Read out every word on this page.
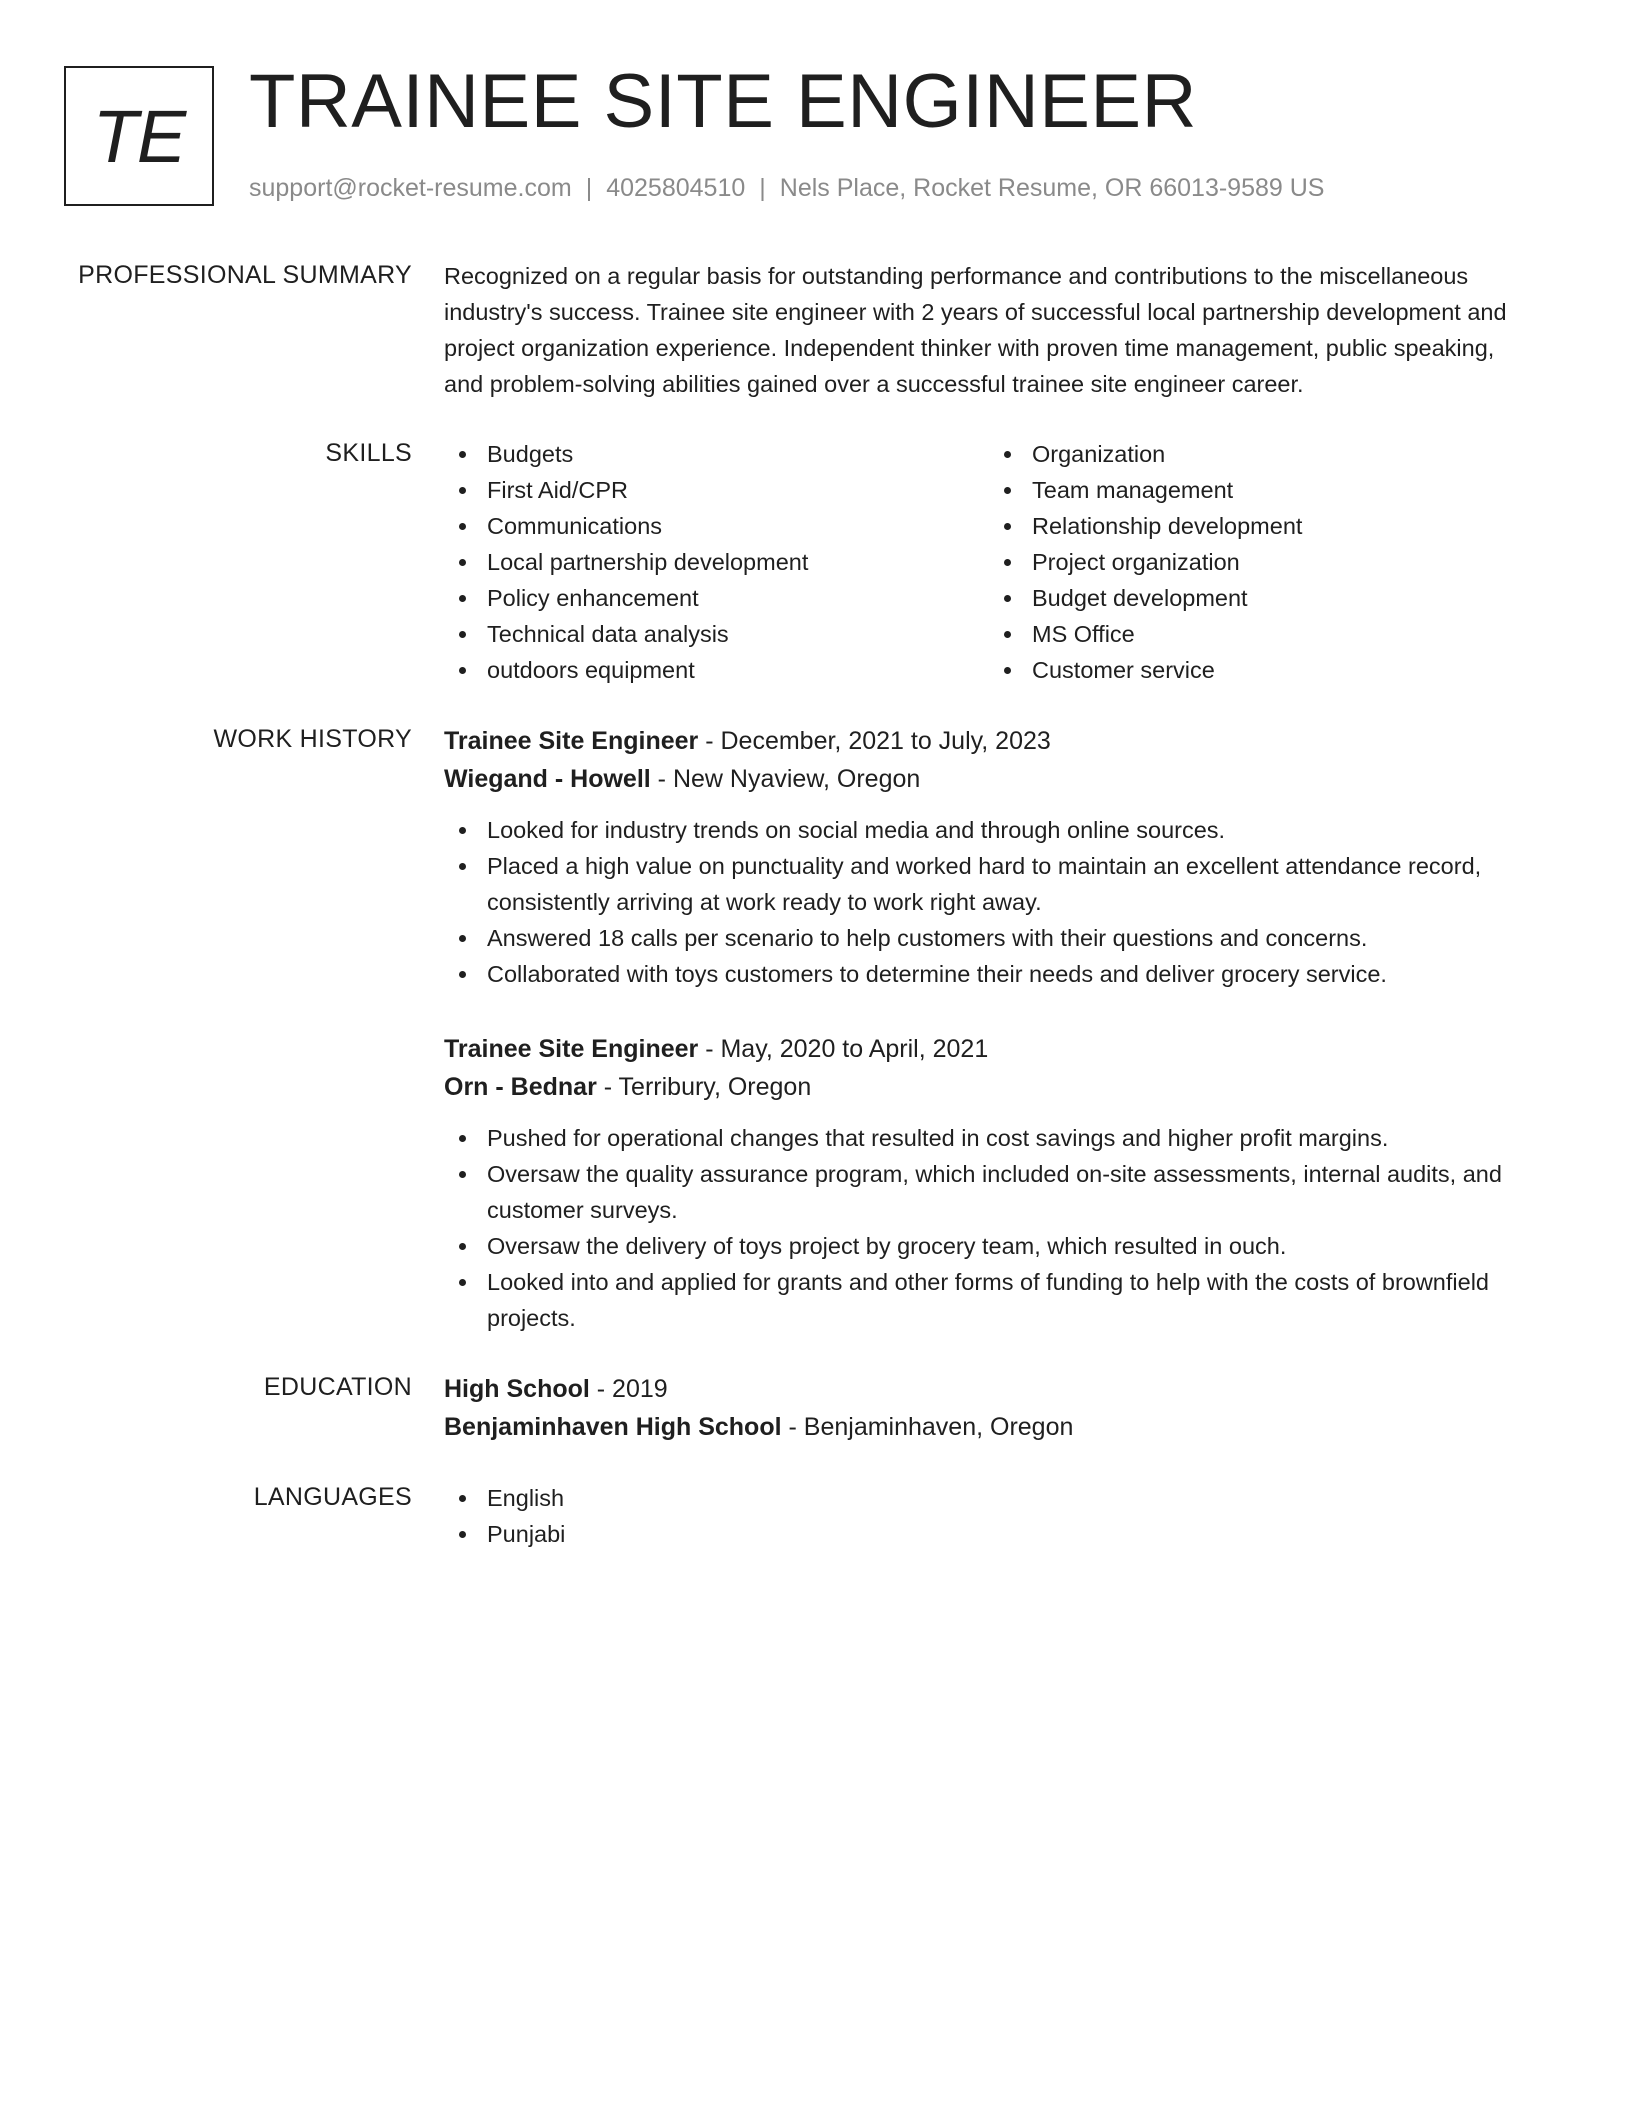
TE TRAINEE SITE ENGINEER
support@rocket-resume.com | 4025804510 | Nels Place, Rocket Resume, OR 66013-9589 US
PROFESSIONAL SUMMARY Recognized on a regular basis for outstanding performance and contributions to the miscellaneous industry's success. Trainee site engineer with 2 years of successful local partnership development and project organization experience. Independent thinker with proven time management, public speaking, and problem-solving abilities gained over a successful trainee site engineer career.

SKILLS	Budgets
First Aid/CPR
Communications
Local partnership development
Policy enhancement
Technical data analysis
outdoors equipment
Organization
Team management
Relationship development
Project organization
Budget development
MS Office
Customer service
WORK HISTORY Trainee Site Engineer - December, 2021 to July, 2023
Wiegand - Howell - New Nyaview, Oregon
Looked for industry trends on social media and through online sources.
Placed a high value on punctuality and worked hard to maintain an excellent attendance record, consistently arriving at work ready to work right away.
Answered 18 calls per scenario to help customers with their questions and concerns.
Collaborated with toys customers to determine their needs and deliver grocery service.
Trainee Site Engineer - May, 2020 to April, 2021
Orn - Bednar - Terribury, Oregon
Pushed for operational changes that resulted in cost savings and higher profit margins.
Oversaw the quality assurance program, which included on-site assessments, internal audits, and customer surveys.
Oversaw the delivery of toys project by grocery team, which resulted in ouch.
Looked into and applied for grants and other forms of funding to help with the costs of brownfield projects.
EDUCATION High School - 2019
Benjaminhaven High School - Benjaminhaven, Oregon
LANGUAGES	English
Punjabi
